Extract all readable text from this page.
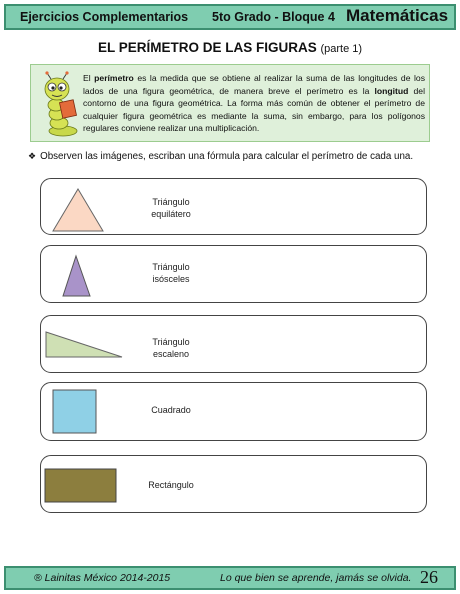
Ejercicios Complementarios 5to Grado - Bloque 4 Matemáticas
EL PERÍMETRO DE LAS FIGURAS (parte 1)
El perímetro es la medida que se obtiene al realizar la suma de las longitudes de los lados de una figura geométrica, de manera breve el perímetro es la longitud del contorno de una figura geométrica. La forma más común de obtener el perímetro de cualquier figura geométrica es mediante la suma, sin embargo, para los polígonos regulares conviene realizar una multiplicación.
❖ Observen las imágenes, escriban una fórmula para calcular el perímetro de cada una.
Triángulo
equilátero
Triángulo
isósceles
Triángulo
escaleno
Cuadrado
Rectángulo
® Lainitas México 2014-2015	Lo que bien se aprende, jamás se olvida. 26
